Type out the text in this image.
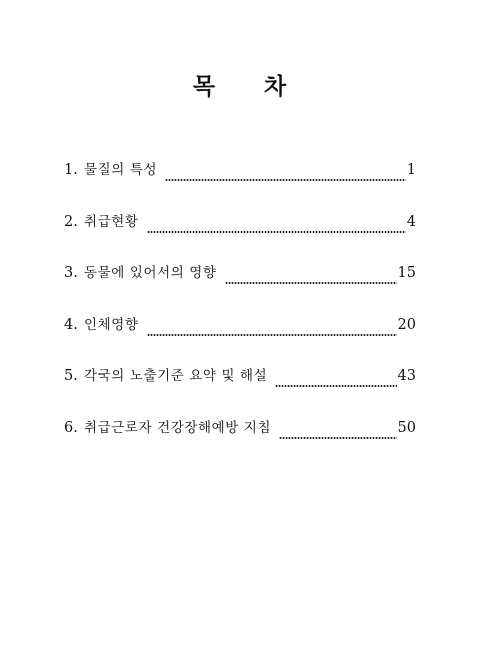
목 차
1. 물질의 특성	1
2. 취급현황	4
3. 동물에 있어서의 영향	15
4. 인체영향	20
5. 각국의 노출기준 요약 및 해설	43
6. 취급근로자 건강장해예방 지침	50
